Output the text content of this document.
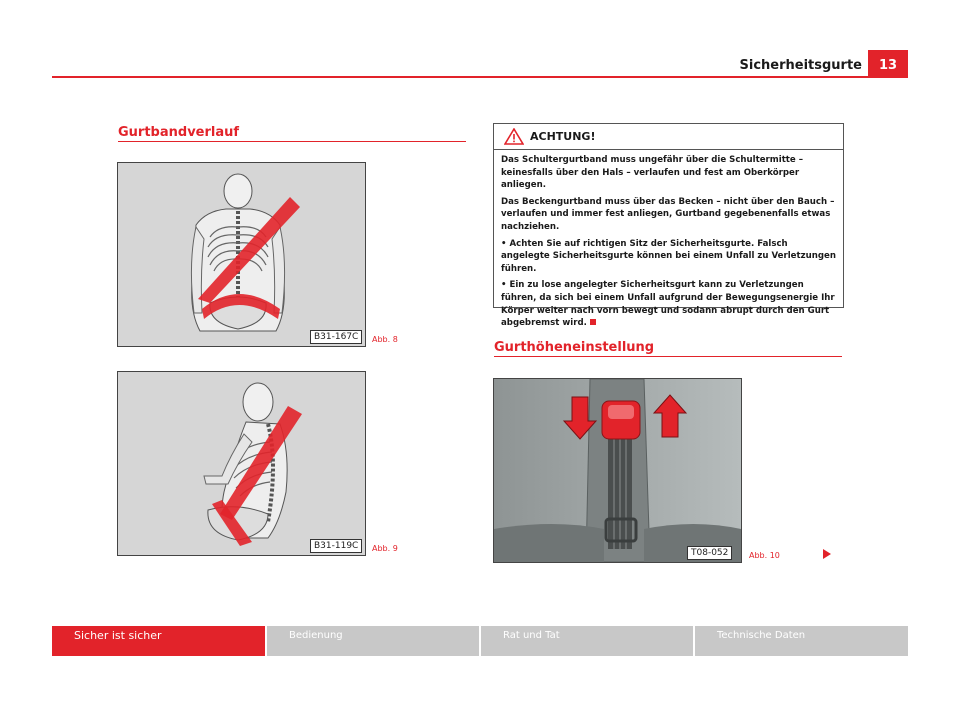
Sicherheitsgurte	13
Gurtbandverlauf
B31-167C	Abb. 8
B31-119C	Abb. 9
ACHTUNG!

Das Schultergurtband muss ungefähr über die Schultermitte – keinesfalls über den Hals – verlaufen und fest am Oberkörper anliegen.

Das Beckengurtband muss über das Becken – nicht über den Bauch – verlaufen und immer fest anliegen, Gurtband gegebenenfalls etwas nachziehen.

• Achten Sie auf richtigen Sitz der Sicherheitsgurte. Falsch angelegte Sicherheitsgurte können bei einem Unfall zu Verletzungen führen.

• Ein zu lose angelegter Sicherheitsgurt kann zu Verletzungen führen, da sich bei einem Unfall aufgrund der Bewegungsenergie Ihr Körper weiter nach vorn bewegt und sodann abrupt durch den Gurt abgebremst wird.

Gurthöheneinstellung
T08-052	Abb. 10
Sicher ist sicher	Bedienung	Rat und Tat	Technische Daten
